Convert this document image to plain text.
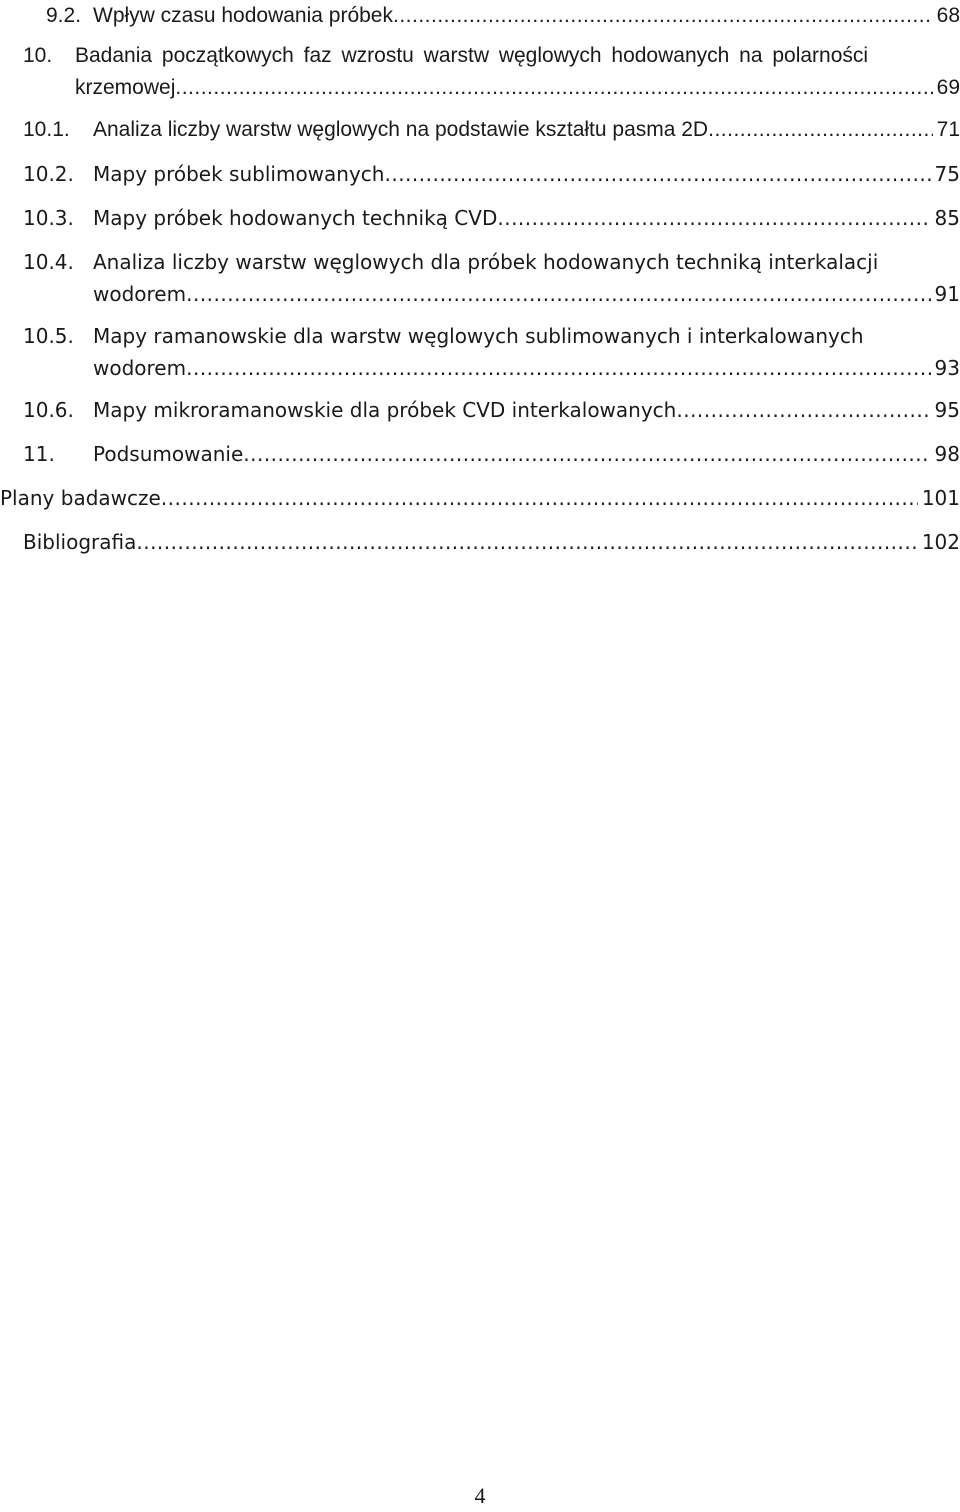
9.2. Wpływ czasu hodowania próbek .....	68
10. Badania początkowych faz wzrostu warstw węglowych hodowanych na polarności
krzemowej .....	69
10.1. Analiza liczby warstw węglowych na podstawie kształtu pasma 2D .....	71
10.2. Mapy próbek sublimowanych .....	75
10.3. Mapy próbek hodowanych techniką CVD .....	85
10.4. Analiza liczby warstw węglowych dla próbek hodowanych techniką interkalacji
wodorem .....	91
10.5. Mapy ramanowskie dla warstw węglowych sublimowanych i interkalowanych
wodorem .....	93
10.6. Mapy mikroramanowskie dla próbek CVD interkalowanych .....	95
11. Podsumowanie .....	98
Plany badawcze .....	101
Bibliografia .....	102
4
